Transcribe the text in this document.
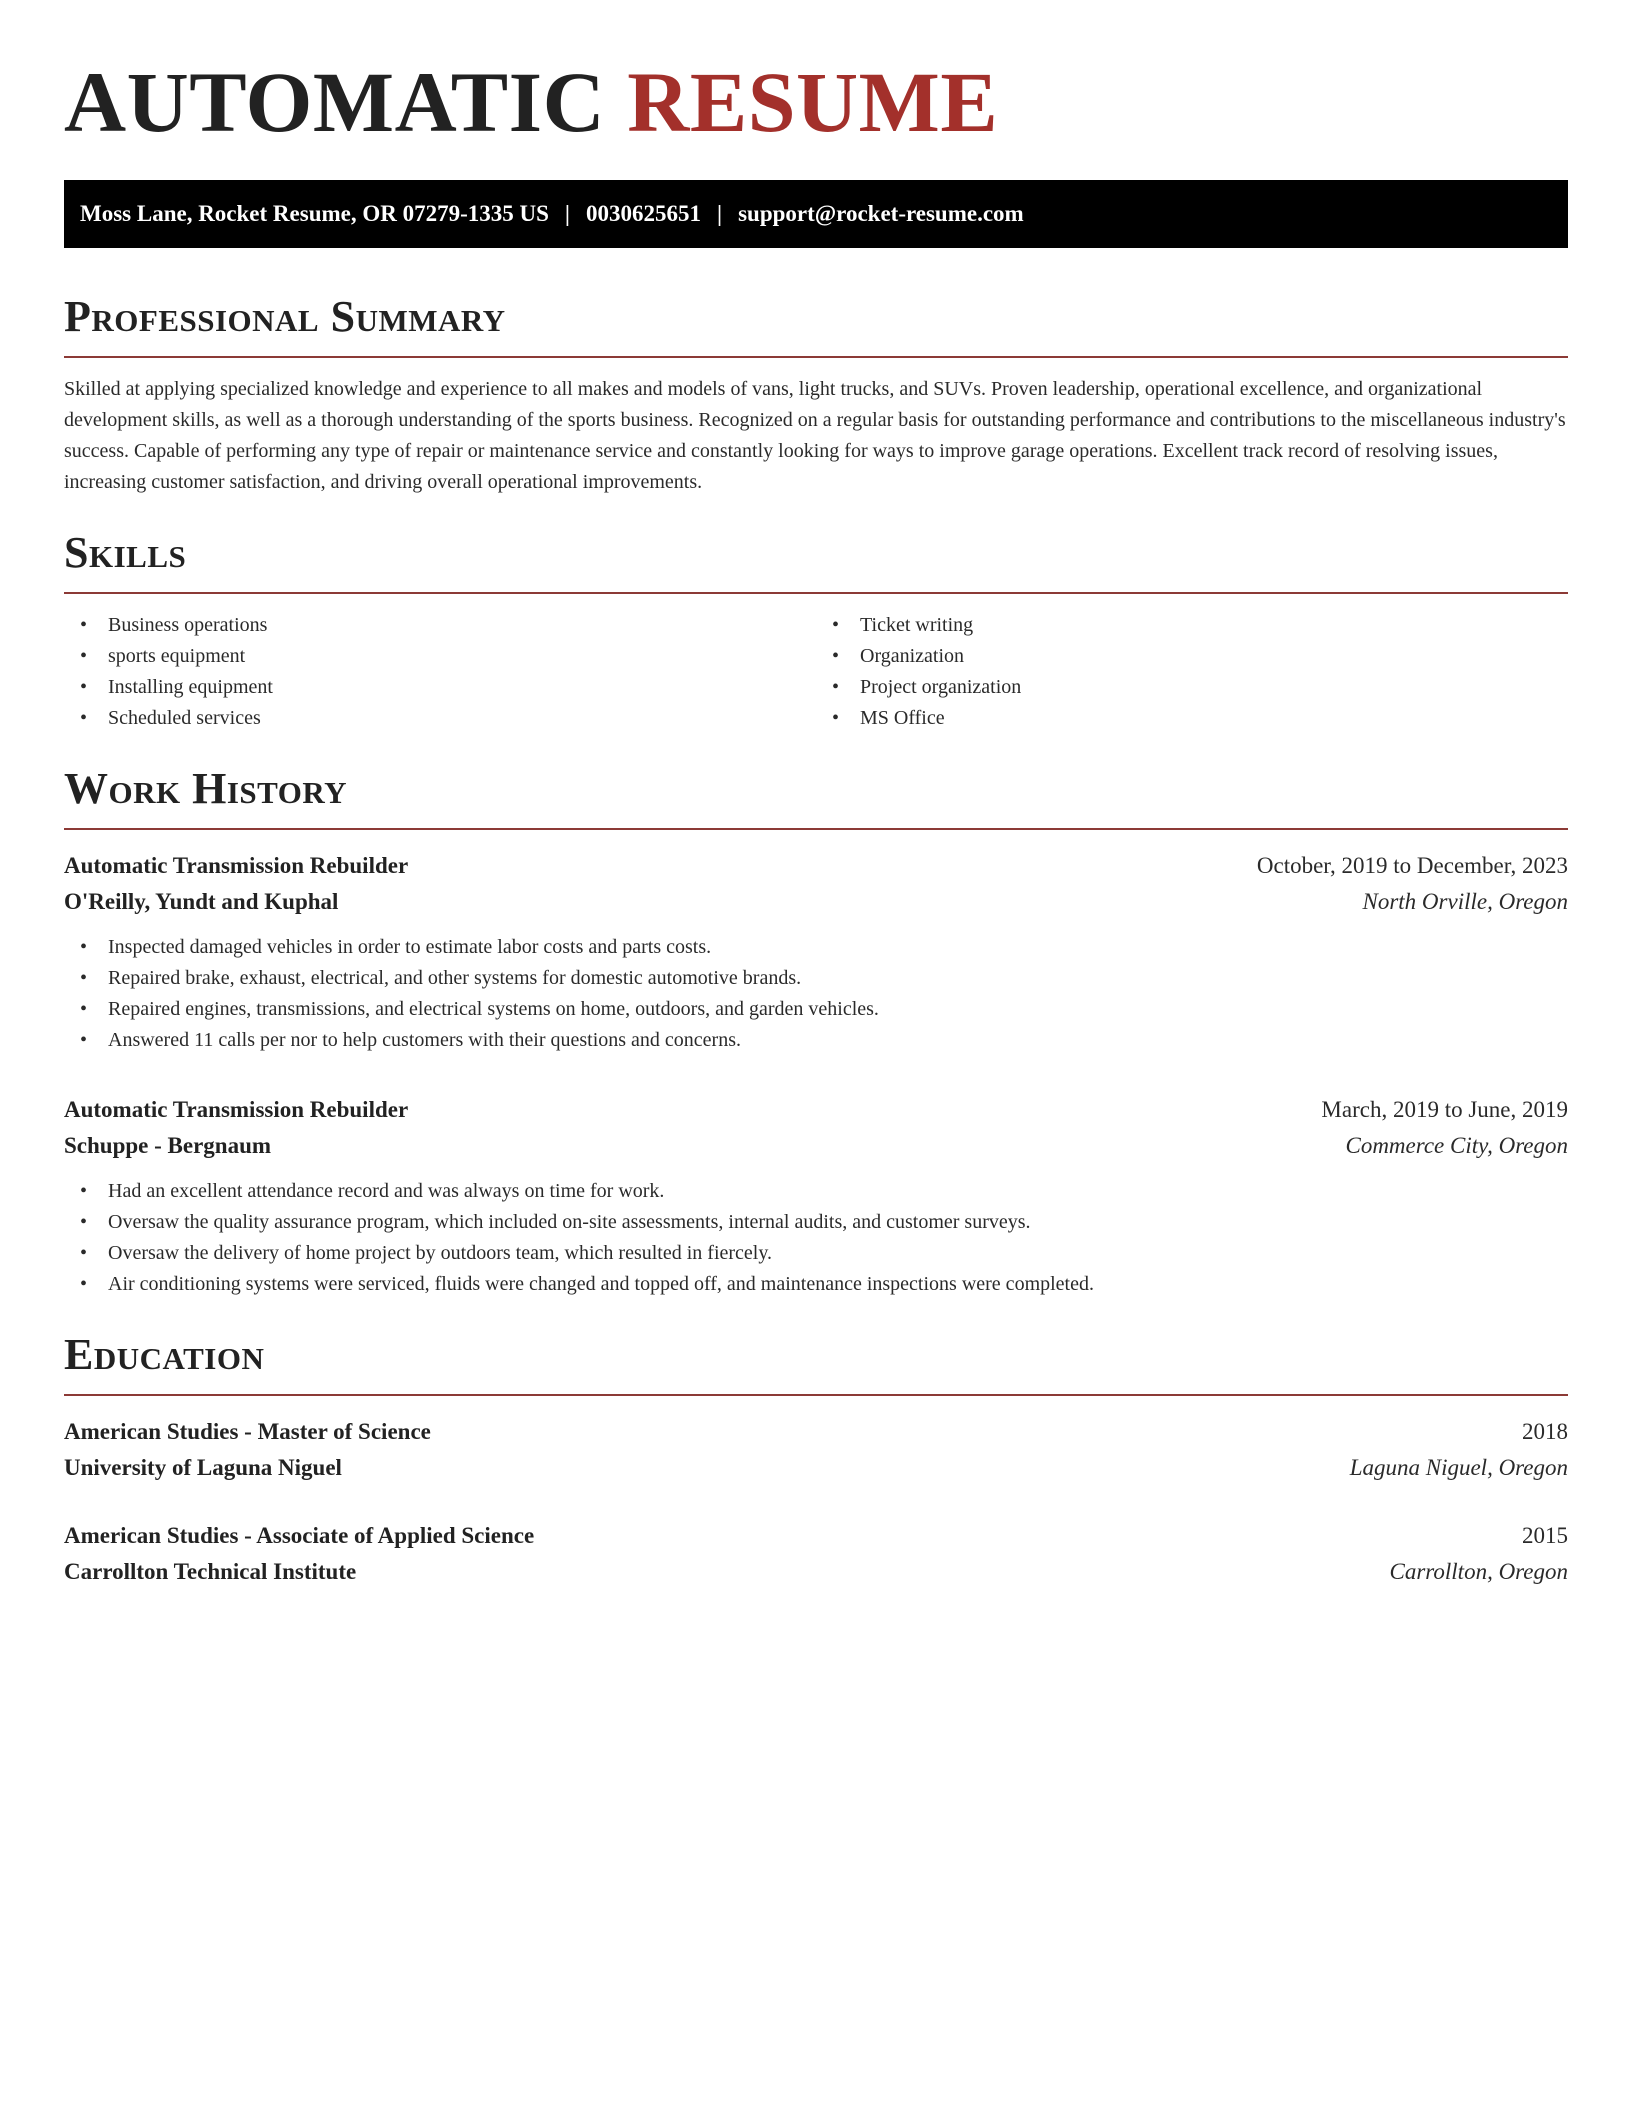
AUTOMATIC RESUME
Moss Lane, Rocket Resume, OR 07279-1335 US | 0030625651 | support@rocket-resume.com
Professional Summary

Skilled at applying specialized knowledge and experience to all makes and models of vans, light trucks, and SUVs. Proven leadership, operational excellence, and organizational development skills, as well as a thorough understanding of the sports business. Recognized on a regular basis for outstanding performance and contributions to the miscellaneous industry's success. Capable of performing any type of repair or maintenance service and constantly looking for ways to improve garage operations. Excellent track record of resolving issues, increasing customer satisfaction, and driving overall operational improvements.

Skills
• Business operations
• sports equipment
• Installing equipment
• Scheduled services
• Ticket writing
• Organization
• Project organization
• MS Office
Work History
Automatic Transmission Rebuilder	October, 2019 to December, 2023
O'Reilly, Yundt and Kuphal	North Orville, Oregon
• Inspected damaged vehicles in order to estimate labor costs and parts costs.
• Repaired brake, exhaust, electrical, and other systems for domestic automotive brands.
• Repaired engines, transmissions, and electrical systems on home, outdoors, and garden vehicles.
• Answered 11 calls per nor to help customers with their questions and concerns.
Automatic Transmission Rebuilder	March, 2019 to June, 2019
Schuppe - Bergnaum	Commerce City, Oregon
• Had an excellent attendance record and was always on time for work.
• Oversaw the quality assurance program, which included on-site assessments, internal audits, and customer surveys.
• Oversaw the delivery of home project by outdoors team, which resulted in fiercely.
• Air conditioning systems were serviced, fluids were changed and topped off, and maintenance inspections were completed.
Education
American Studies - Master of Science	2018
University of Laguna Niguel	Laguna Niguel, Oregon
American Studies - Associate of Applied Science	2015
Carrollton Technical Institute	Carrollton, Oregon
